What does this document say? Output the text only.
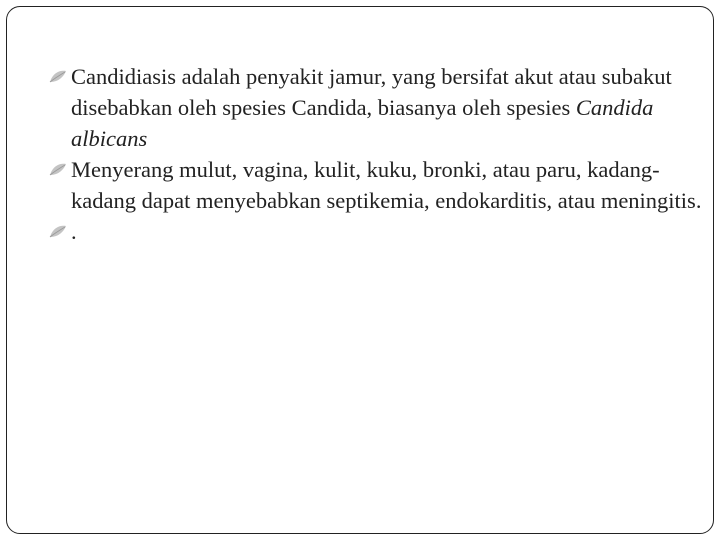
Candidiasis adalah penyakit jamur, yang bersifat akut atau subakut disebabkan oleh spesies Candida, biasanya oleh spesies Candida albicans

Menyerang mulut, vagina, kulit, kuku, bronki, atau paru, kadang-kadang dapat menyebabkan septikemia, endokarditis, atau meningitis.

.
